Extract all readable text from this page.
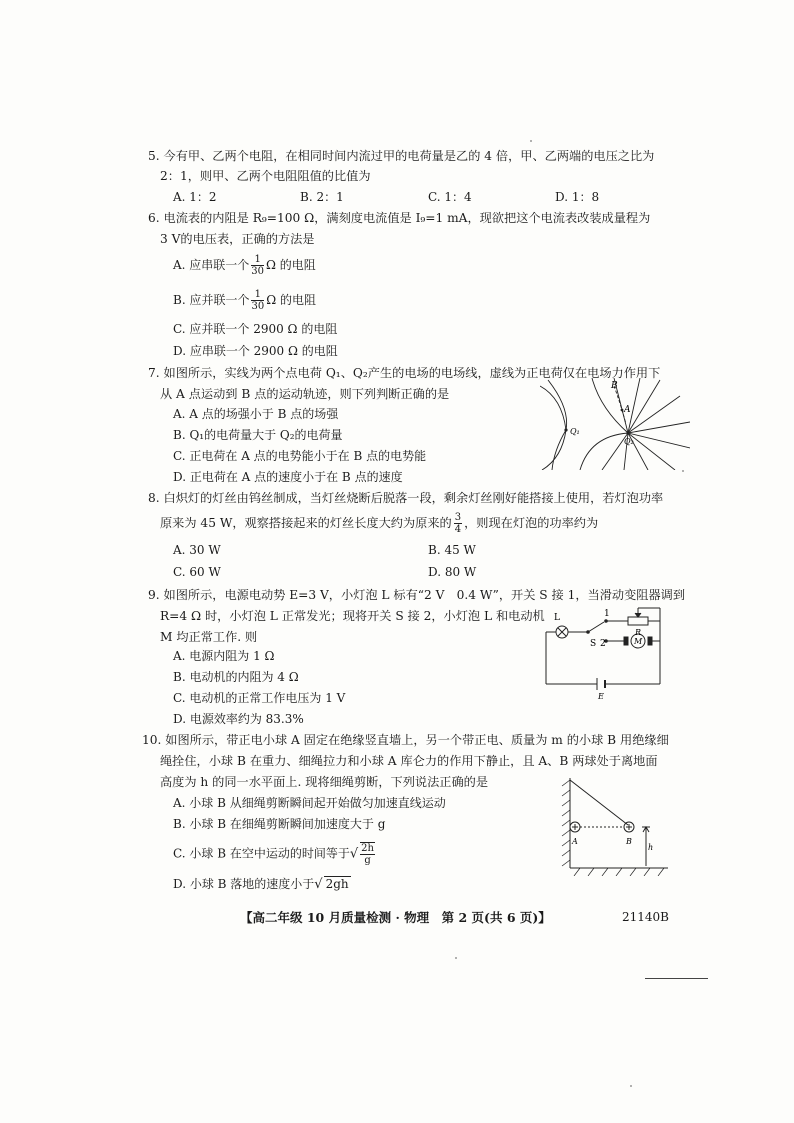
5. 今有甲、乙两个电阻，在相同时间内流过甲的电荷量是乙的 4 倍，甲、乙两端的电压之比为
2：1，则甲、乙两个电阻阻值的比值为
A. 1：2	B. 2：1	C. 1：4	D. 1：8
6. 电流表的内阻是 R₉=100 Ω，满刻度电流值是 I₉=1 mA，现欲把这个电流表改装成量程为
3 V的电压表，正确的方法是
A. 应串联一个 $\frac{1}{30}$ Ω 的电阻
B. 应并联一个 $\frac{1}{30}$ Ω 的电阻
C. 应并联一个 2900 Ω 的电阻
D. 应串联一个 2900 Ω 的电阻
7. 如图所示，实线为两个点电荷 Q₁、Q₂产生的电场的电场线，虚线为正电荷仅在电场力作用下
从 A 点运动到 B 点的运动轨迹，则下列判断正确的是
A. A 点的场强小于 B 点的场强
B. Q₁的电荷量大于 Q₂的电荷量
C. 正电荷在 A 点的电势能小于在 B 点的电势能
D. 正电荷在 A 点的速度小于在 B 点的速度
B
A
Q₁
Q₂
8. 白炽灯的灯丝由钨丝制成，当灯丝烧断后脱落一段，剩余灯丝刚好能搭接上使用，若灯泡功率
原来为 45 W，观察搭接起来的灯丝长度大约为原来的 $\frac{3}{4}$ ，则现在灯泡的功率约为
A. 30 W	B. 45 W
C. 60 W	D. 80 W
9. 如图所示，电源电动势 E=3 V，小灯泡 L 标有“2 V　0.4 W”，开关 S 接 1，当滑动变阻器调到
R=4 Ω 时，小灯泡 L 正常发光；现将开关 S 接 2，小灯泡 L 和电动机
M 均正常工作. 则
A. 电源内阻为 1 Ω
B. 电动机的内阻为 4 Ω
C. 电动机的正常工作电压为 1 V
D. 电源效率约为 83.3%
L
S
1
2
R
M
E
10. 如图所示，带正电小球 A 固定在绝缘竖直墙上，另一个带正电、质量为 m 的小球 B 用绝缘细
绳拴住，小球 B 在重力、细绳拉力和小球 A 库仑力的作用下静止，且 A、B 两球处于离地面
高度为 h 的同一水平面上. 现将细绳剪断，下列说法正确的是
A. 小球 B 从细绳剪断瞬间起开始做匀加速直线运动
B. 小球 B 在细绳剪断瞬间加速度大于 g
C. 小球 B 在空中运动的时间等于√ $\frac{2h}{g}$
D. 小球 B 落地的速度小于√ 2gh
A	B
h
【高二年级 10 月质量检测 · 物理　第 2 页(共 6 页)】	21140B
